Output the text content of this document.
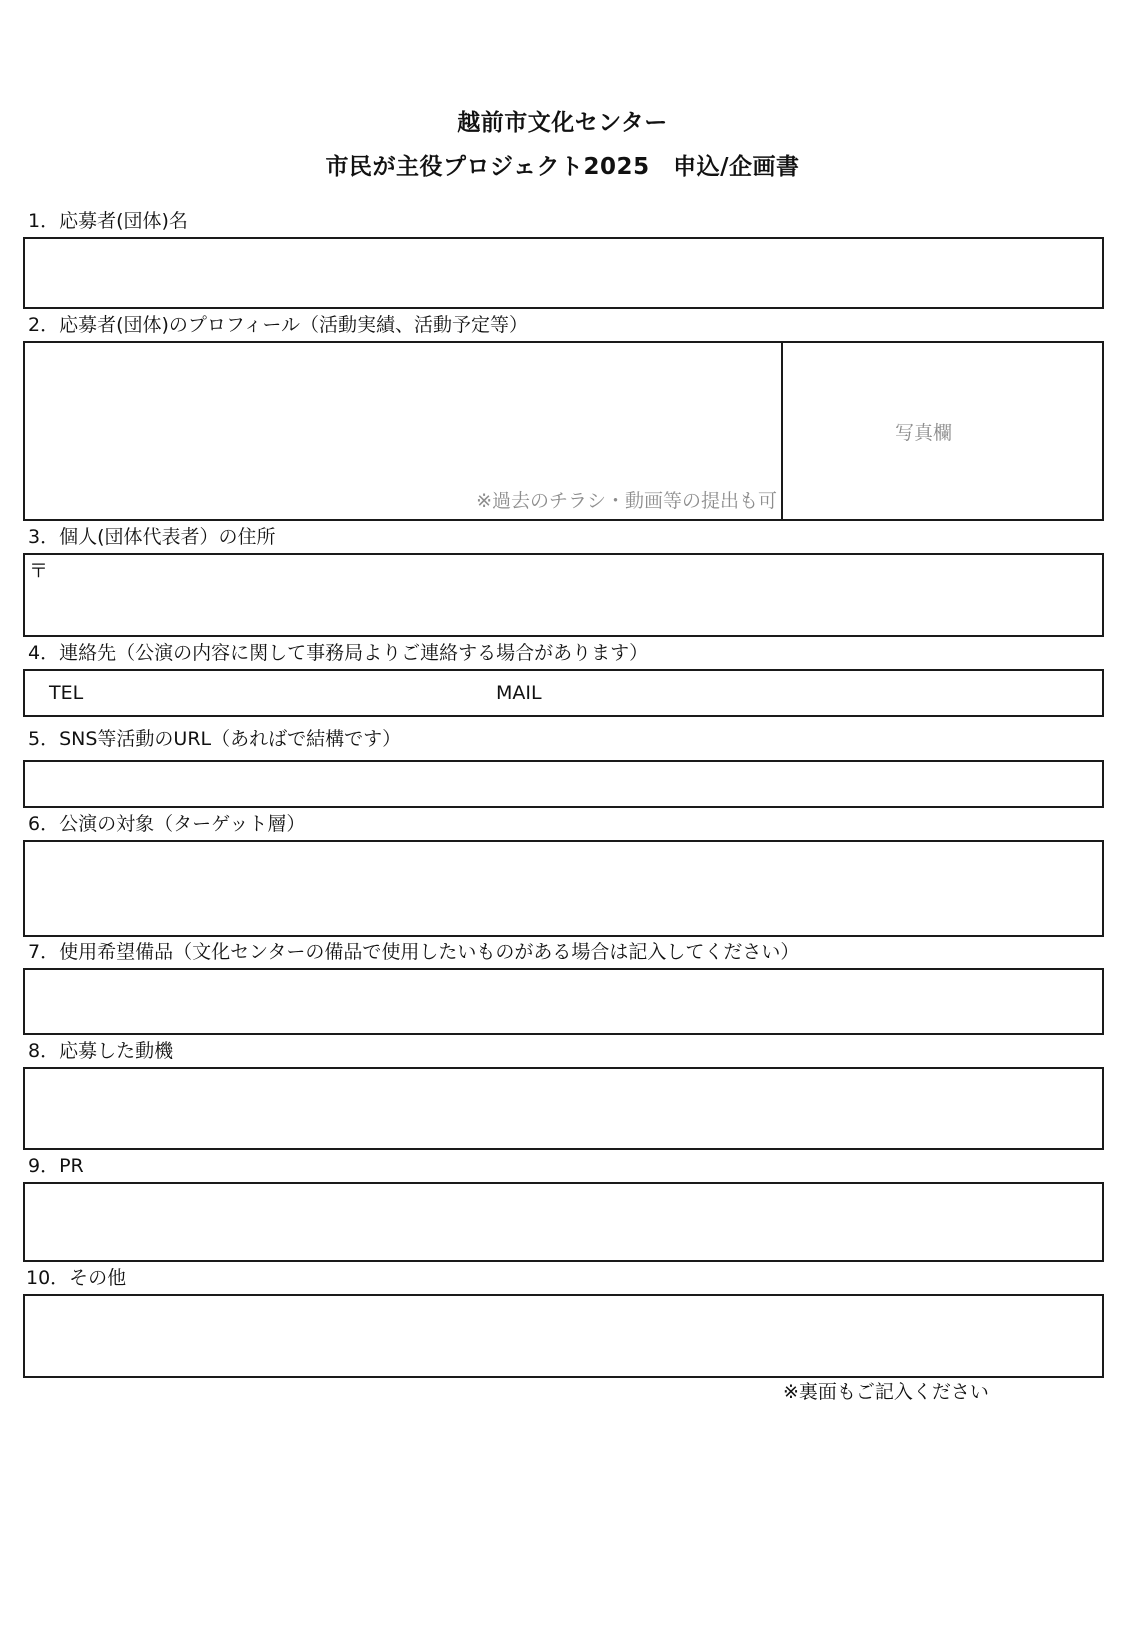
越前市文化センター
市民が主役プロジェクト2025　申込/企画書
1．応募者(団体)名
2．応募者(団体)のプロフィール（活動実績、活動予定等）
※過去のチラシ・動画等の提出も可
写真欄
3．個人(団体代表者）の住所
〒
4．連絡先（公演の内容に関して事務局よりご連絡する場合があります）
TEL	MAIL
5．SNS等活動のURL（あればで結構です）
6．公演の対象（ターゲット層）
7．使用希望備品（文化センターの備品で使用したいものがある場合は記入してください）
8．応募した動機
9．PR
10．その他
※裏面もご記入ください
